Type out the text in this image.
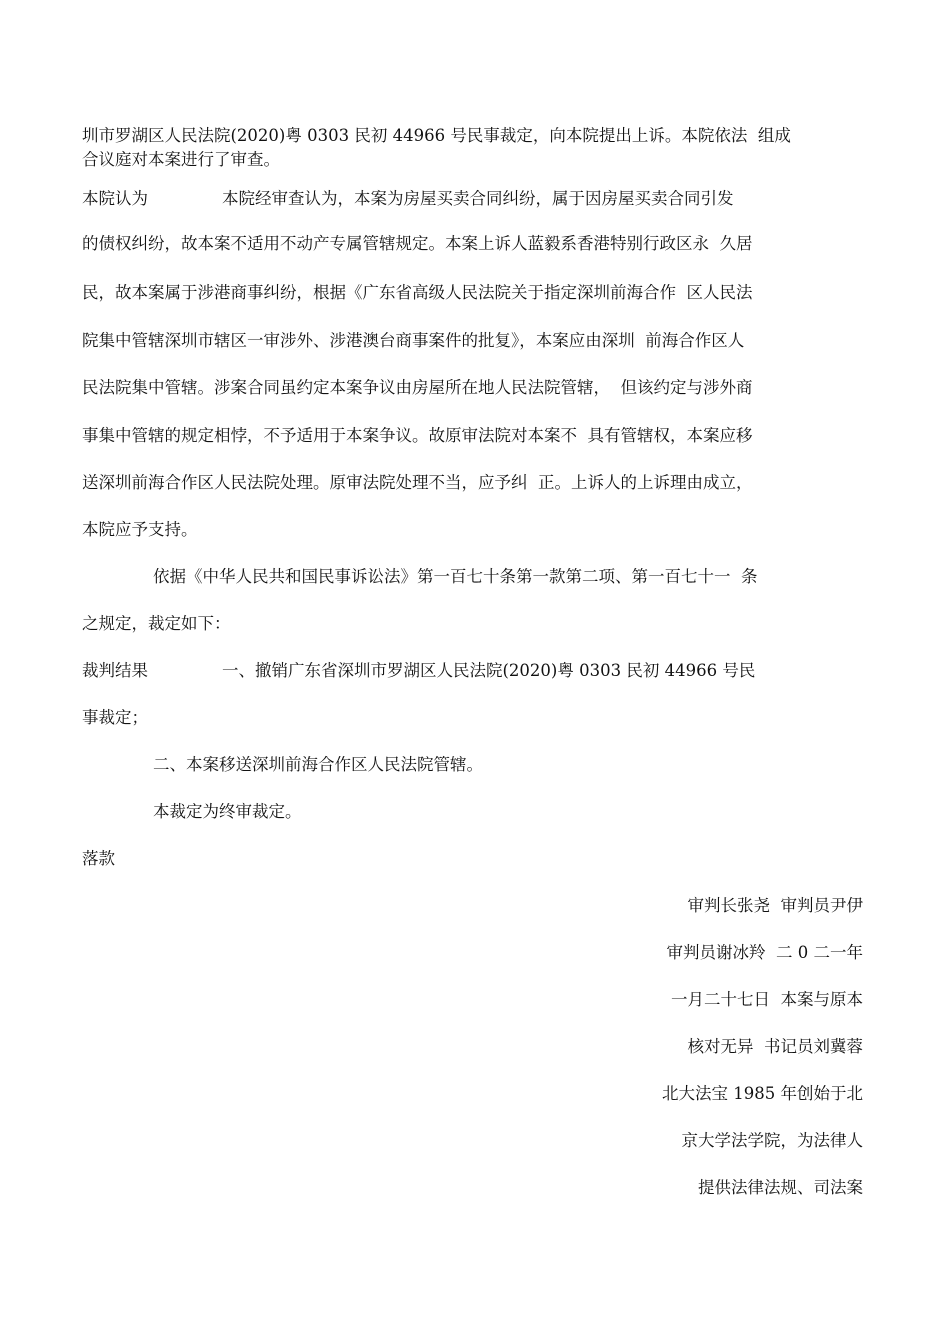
圳市罗湖区人民法院(2020)粤 0303 民初 44966 号民事裁定，向本院提出上诉。本院依法  组成
合议庭对本案进行了审查。
本院认为	本院经审查认为，本案为房屋买卖合同纠纷，属于因房屋买卖合同引发
的债权纠纷，故本案不适用不动产专属管辖规定。本案上诉人蓝毅系香港特别行政区永  久居
民，故本案属于涉港商事纠纷，根据《广东省高级人民法院关于指定深圳前海合作  区人民法
院集中管辖深圳市辖区一审涉外、涉港澳台商事案件的批复》，本案应由深圳  前海合作区人
民法院集中管辖。涉案合同虽约定本案争议由房屋所在地人民法院管辖，  但该约定与涉外商
事集中管辖的规定相悖，不予适用于本案争议。故原审法院对本案不  具有管辖权，本案应移
送深圳前海合作区人民法院处理。原审法院处理不当，应予纠  正。上诉人的上诉理由成立，
本院应予支持。
依据《中华人民共和国民事诉讼法》第一百七十条第一款第二项、第一百七十一  条
之规定，裁定如下：
裁判结果	一、撤销广东省深圳市罗湖区人民法院(2020)粤 0303 民初 44966 号民
事裁定；
二、本案移送深圳前海合作区人民法院管辖。
本裁定为终审裁定。
落款
审判长张尧  审判员尹伊
审判员谢冰羚  二 0 二一年
一月二十七日  本案与原本
核对无异  书记员刘冀蓉
北大法宝 1985 年创始于北
京大学法学院，为法律人
提供法律法规、司法案
